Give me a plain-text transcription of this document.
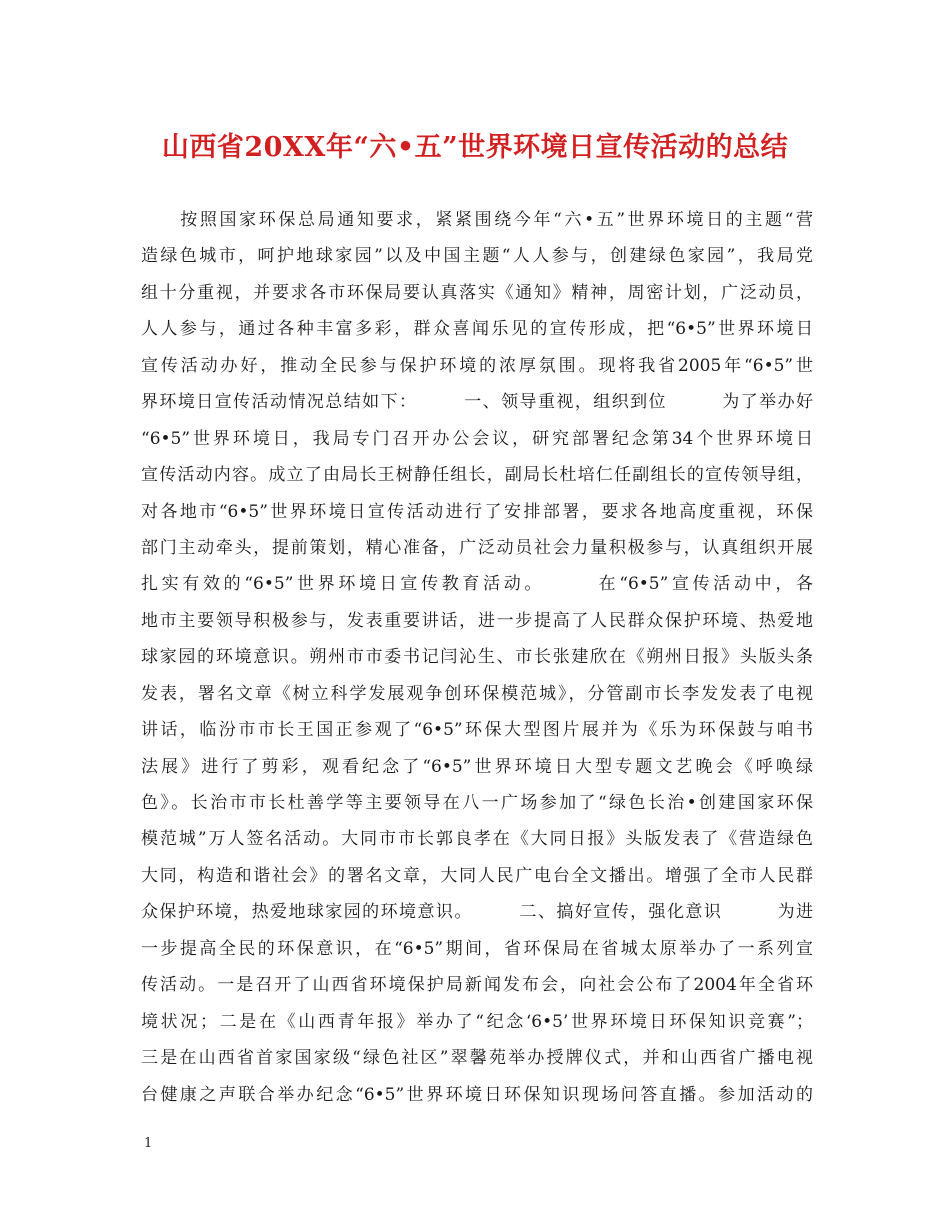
山西省20XX年“六•五”世界环境日宣传活动的总结
　　按照国家环保总局通知要求，紧紧围绕今年“六•五”世界环境日的主题“营
造绿色城市，呵护地球家园”以及中国主题“人人参与，创建绿色家园”，我局党
组十分重视，并要求各市环保局要认真落实《通知》精神，周密计划，广泛动员，
人人参与，通过各种丰富多彩，群众喜闻乐见的宣传形成，把“6•5”世界环境日
宣传活动办好，推动全民参与保护环境的浓厚氛围。现将我省2005年“6•5”世
界环境日宣传活动情况总结如下：　　　一、领导重视，组织到位　　　为了举办好
“6•5”世界环境日，我局专门召开办公会议，研究部署纪念第34个世界环境日
宣传活动内容。成立了由局长王树静任组长，副局长杜培仁任副组长的宣传领导组，
对各地市“6•5”世界环境日宣传活动进行了安排部署，要求各地高度重视，环保
部门主动牵头，提前策划，精心准备，广泛动员社会力量积极参与，认真组织开展
扎实有效的“6•5”世界环境日宣传教育活动。　　　在“6•5”宣传活动中，各
地市主要领导积极参与，发表重要讲话，进一步提高了人民群众保护环境、热爱地
球家园的环境意识。朔州市市委书记闫沁生、市长张建欣在《朔州日报》头版头条
发表，署名文章《树立科学发展观争创环保模范城》，分管副市长李发发表了电视
讲话，临汾市市长王国正参观了“6•5”环保大型图片展并为《乐为环保鼓与咱书
法展》进行了剪彩，观看纪念了“6•5”世界环境日大型专题文艺晚会《呼唤绿
色》。长治市市长杜善学等主要领导在八一广场参加了“绿色长治•创建国家环保
模范城”万人签名活动。大同市市长郭良孝在《大同日报》头版发表了《营造绿色
大同，构造和谐社会》的署名文章，大同人民广电台全文播出。增强了全市人民群
众保护环境，热爱地球家园的环境意识。　　　二、搞好宣传，强化意识　　　为进
一步提高全民的环保意识，在“6•5”期间，省环保局在省城太原举办了一系列宣
传活动。一是召开了山西省环境保护局新闻发布会，向社会公布了2004年全省环
境状况；二是在《山西青年报》举办了“纪念‘6•5’世界环境日环保知识竞赛”；
三是在山西省首家国家级“绿色社区”翠馨苑举办授牌仪式，并和山西省广播电视
台健康之声联合举办纪念“6•5”世界环境日环保知识现场问答直播。参加活动的
1
